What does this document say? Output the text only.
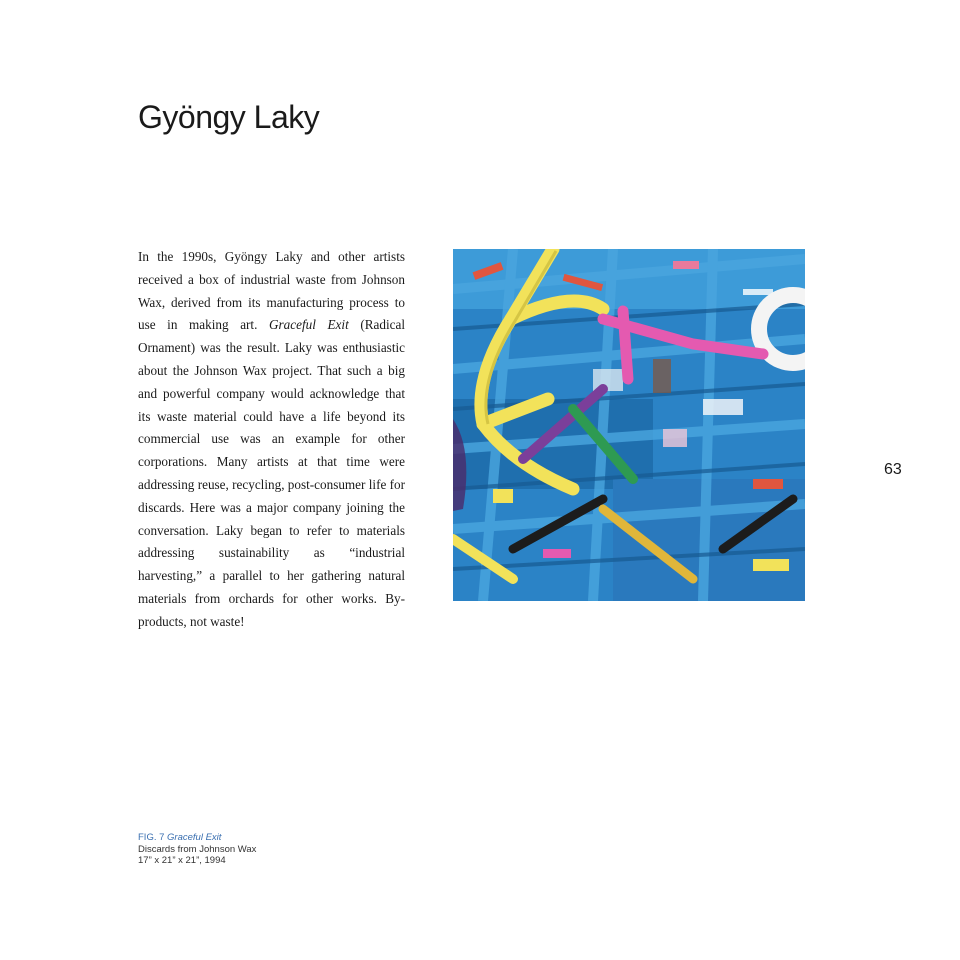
Gyöngy Laky

In the 1990s, Gyöngy Laky and other artists received a box of industrial waste from Johnson Wax, derived from its manufacturing process to use in making art. Graceful Exit (Radical Ornament) was the result. Laky was enthusiastic about the Johnson Wax project. That such a big and powerful company would acknowledge that its waste material could have a life beyond its commercial use was an example for other corporations. Many artists at that time were addressing reuse, recycling, post-consumer life for discards. Here was a major company joining the conversation. Laky began to refer to materials addressing sustainability as “industrial harvesting,” a parallel to her gathering natural materials from orchards for other works. By-products, not waste!

63
FIG. 7 Graceful Exit
Discards from Johnson Wax
17” x 21” x 21”, 1994
